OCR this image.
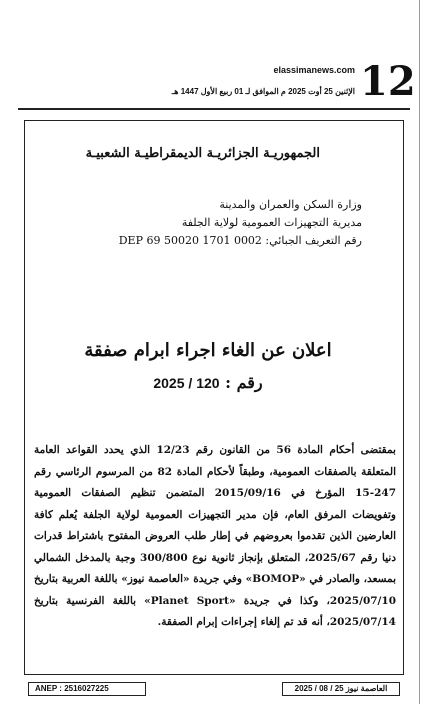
12
elassimanews.com
الإثنين 25 أوت 2025 م الموافق لـ 01 ربيع الأول 1447 هـ
الجمهوريـة الجزائريـة الديمقراطيـة الشعبيـة
وزارة السكن والعمران والمدينة
مديرية التجهيزات العمومية لولاية الجلفة
رقم التعريف الجبائي: DEP 69 50020 1701 0002
اعلان عن الغاء اجراء ابرام صفقة
رقم : 120 / 2025
بمقتضى أحكام المادة 56 من القانون رقم 12/23 الذي يحدد القواعد العامة المتعلقة بالصفقات العمومية، وطبقاً لأحكام المادة 82 من المرسوم الرئاسي رقم 247-15 المؤرخ في 2015/09/16 المتضمن تنظيم الصفقات العمومية وتفويضات المرفق العام، فإن مدير التجهيزات العمومية لولاية الجلفة يُعلم كافة العارضين الذين تقدموا بعروضهم في إطار طلب العروض المفتوح باشتراط قدرات دنيا رقم 2025/67، المتعلق بإنجاز ثانوية نوع 300/800 وجبة بالمدخل الشمالي بمسعد، والصادر في «BOMOP» وفي جريدة «العاصمة نيوز» باللغة العربية بتاريخ 2025/07/10، وكذا في جريدة «Planet Sport» باللغة الفرنسية بتاريخ 2025/07/14، أنه قد تم إلغاء إجراءات إبرام الصفقة.
ANEP : 2516027225	العاصمة نيوز 25 / 08 / 2025
